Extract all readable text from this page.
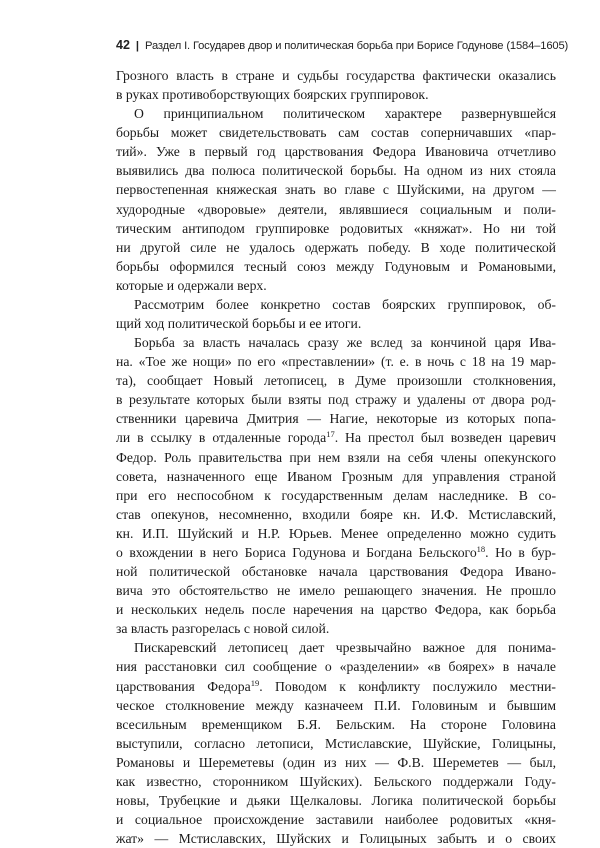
42 | Раздел I. Государев двор и политическая борьба при Борисе Годунове (1584–1605)
Грозного власть в стране и судьбы государства фактически оказались
в руках противоборствующих боярских группировок.
О принципиальном политическом характере развернувшейся
борьбы может свидетельствовать сам состав соперничавших «пар-
тий». Уже в первый год царствования Федора Ивановича отчетливо
выявились два полюса политической борьбы. На одном из них стояла
первостепенная княжеская знать во главе с Шуйскими, на другом —
худородные «дворовые» деятели, являвшиеся социальным и поли-
тическим антиподом группировке родовитых «княжат». Но ни той
ни другой силе не удалось одержать победу. В ходе политической
борьбы оформился тесный союз между Годуновым и Романовыми,
которые и одержали верх.
Рассмотрим более конкретно состав боярских группировок, об-
щий ход политической борьбы и ее итоги.
Борьба за власть началась сразу же вслед за кончиной царя Ива-
на. «Тое же нощи» по его «преставлении» (т. е. в ночь с 18 на 19 мар-
та), сообщает Новый летописец, в Думе произошли столкновения,
в результате которых были взяты под стражу и удалены от двора род-
ственники царевича Дмитрия — Нагие, некоторые из которых попа-
ли в ссылку в отдаленные города$^{17}$. На престол был возведен царевич
Федор. Роль правительства при нем взяли на себя члены опекунского
совета, назначенного еще Иваном Грозным для управления страной
при его неспособном к государственным делам наследнике. В со-
став опекунов, несомненно, входили бояре кн. И.Ф. Мстиславский,
кн. И.П. Шуйский и Н.Р. Юрьев. Менее определенно можно судить
о вхождении в него Бориса Годунова и Богдана Бельского$^{18}$. Но в бур-
ной политической обстановке начала царствования Федора Ивано-
вича это обстоятельство не имело решающего значения. Не прошло
и нескольких недель после наречения на царство Федора, как борьба
за власть разгорелась с новой силой.
Пискаревский летописец дает чрезвычайно важное для понима-
ния расстановки сил сообщение о «разделении» «в боярех» в начале
царствования Федора$^{19}$. Поводом к конфликту послужило местни-
ческое столкновение между казначеем П.И. Головиным и бывшим
всесильным временщиком Б.Я. Бельским. На стороне Головина
выступили, согласно летописи, Мстиславские, Шуйские, Голицыны,
Романовы и Шереметевы (один из них — Ф.В. Шереметев — был,
как известно, сторонником Шуйских). Бельского поддержали Году-
новы, Трубецкие и дьяки Щелкаловы. Логика политической борьбы
и социальное происхождение заставили наиболее родовитых «кня-
жат» — Мстиславских, Шуйских и Голицыных забыть и о своих
